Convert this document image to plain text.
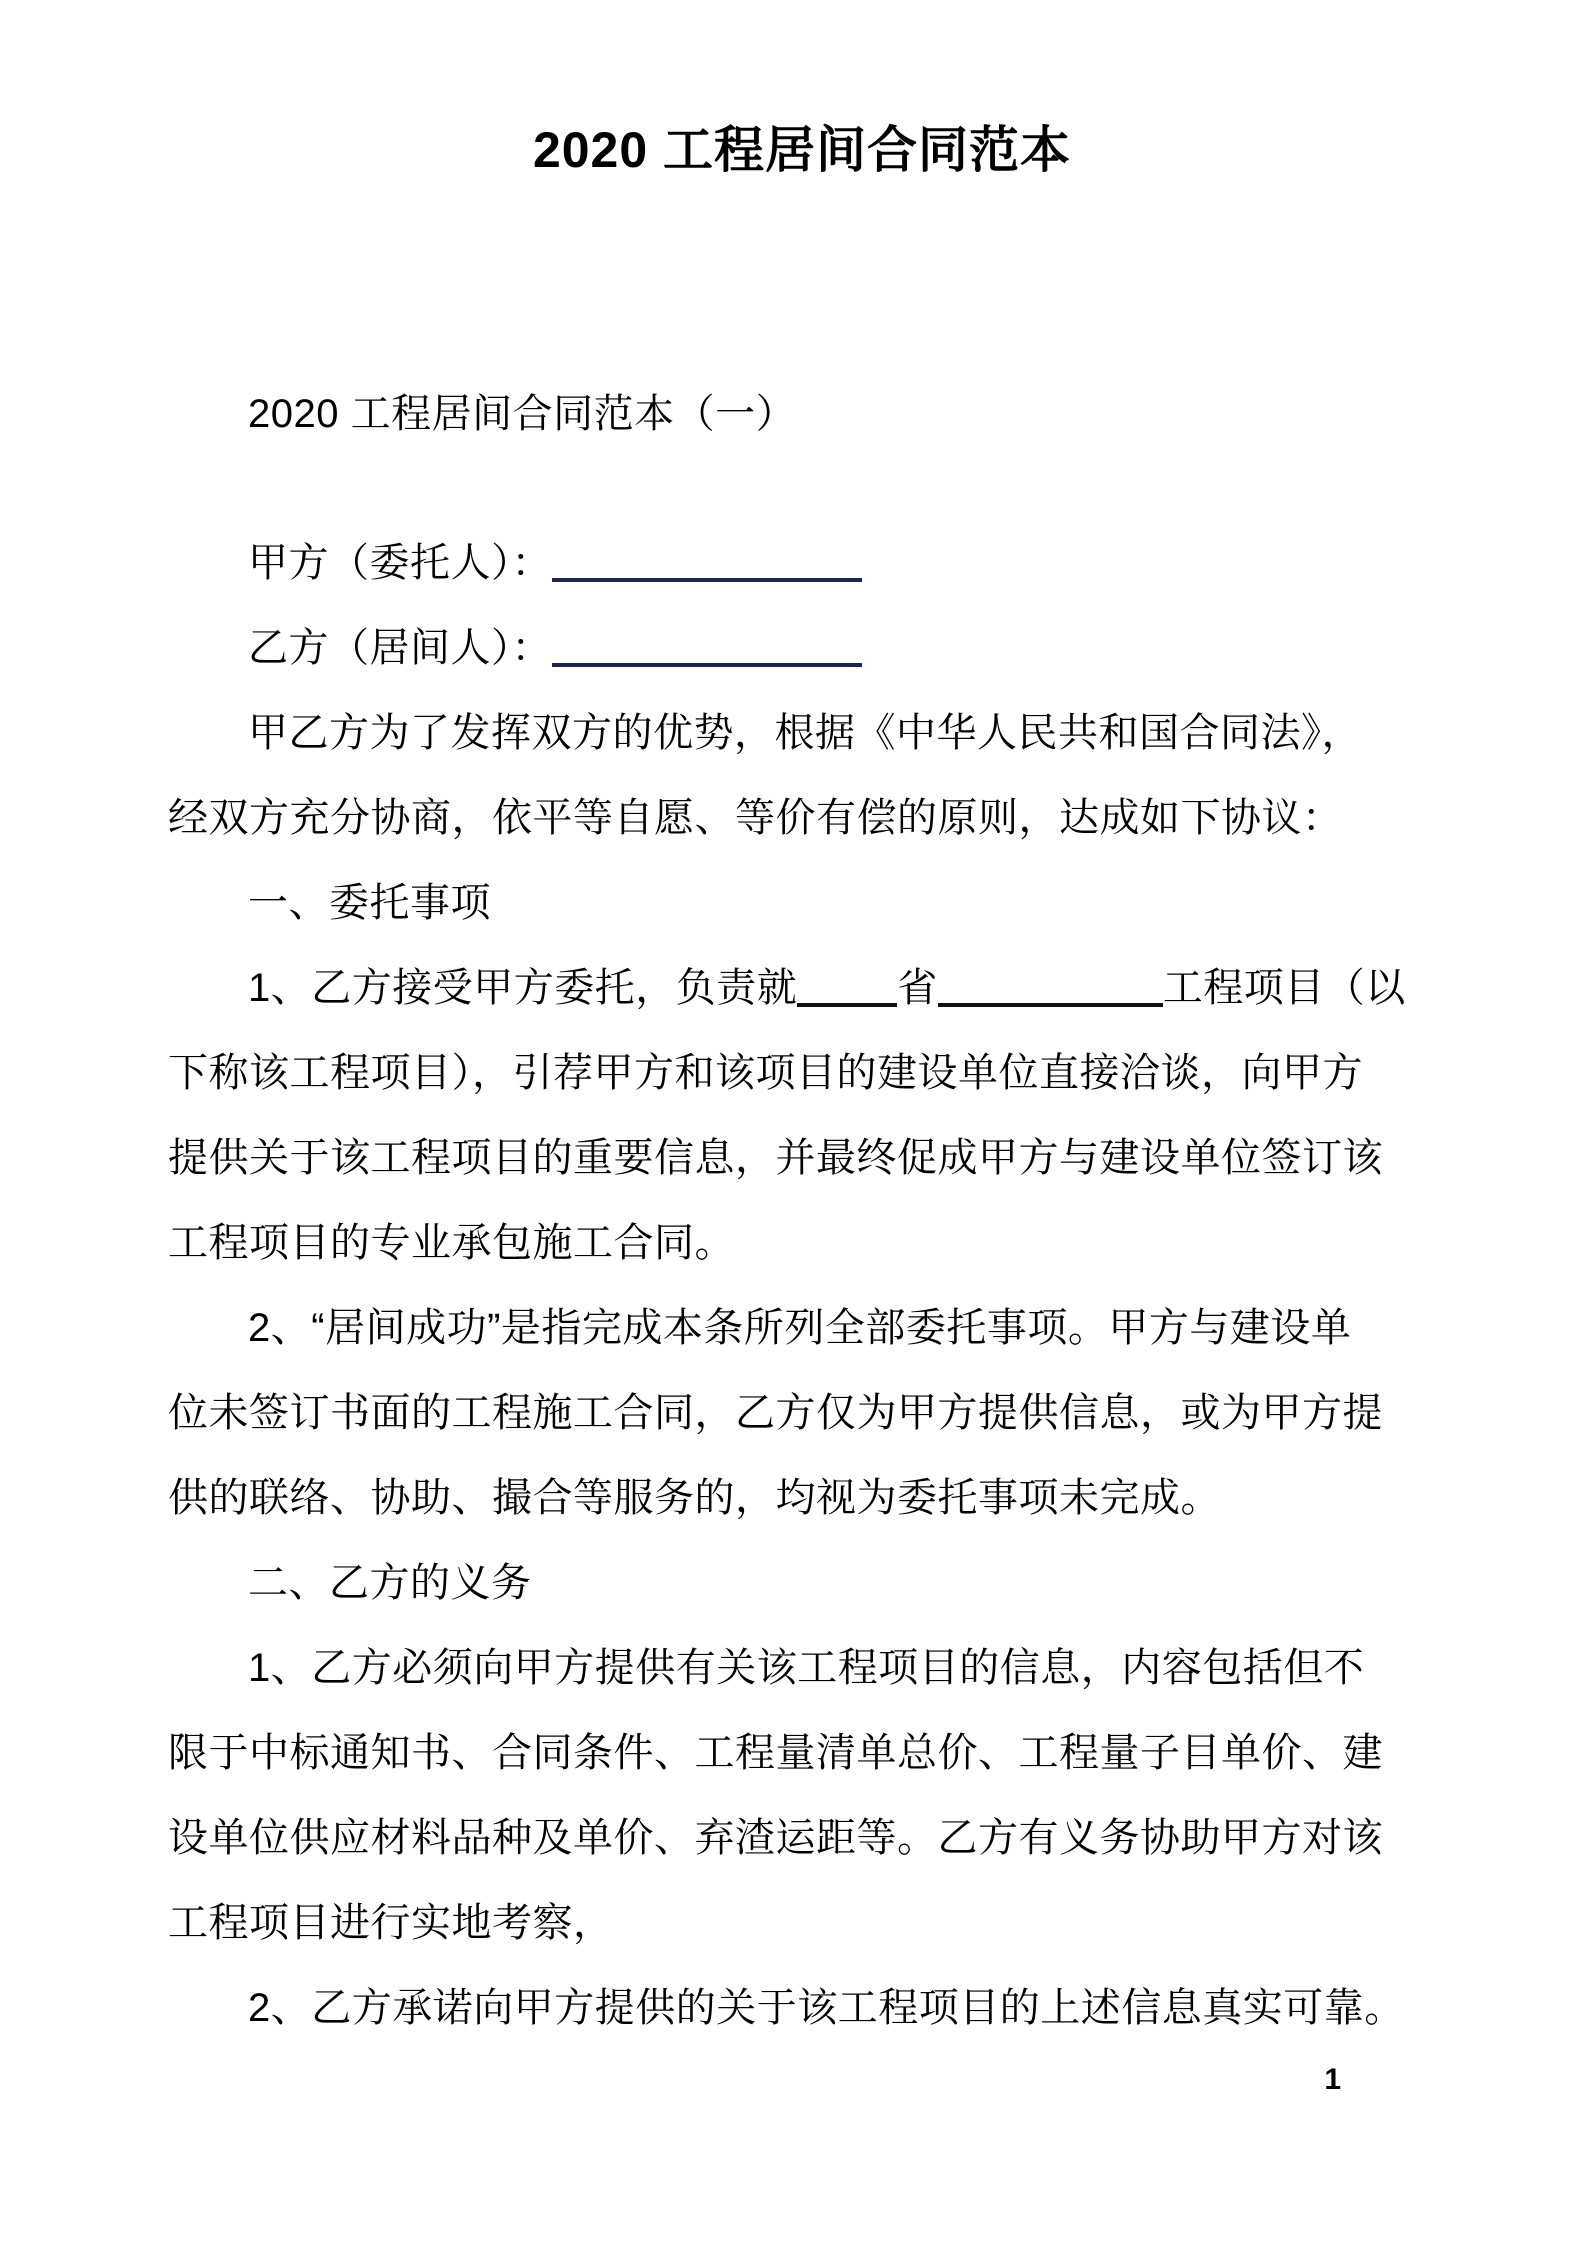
2020 工程居间合同范本
2020 工程居间合同范本（一）
甲方（委托人）：
乙方（居间人）：
甲乙方为了发挥双方的优势，根据《中华人民共和国合同法》，
经双方充分协商，依平等自愿、等价有偿的原则，达成如下协议：
一、委托事项
1、乙方接受甲方委托，负责就	省	工程项目（以
下称该工程项目），引荐甲方和该项目的建设单位直接洽谈，向甲方
提供关于该工程项目的重要信息，并最终促成甲方与建设单位签订该
工程项目的专业承包施工合同。
2、“居间成功”是指完成本条所列全部委托事项。甲方与建设单
位未签订书面的工程施工合同，乙方仅为甲方提供信息，或为甲方提
供的联络、协助、撮合等服务的，均视为委托事项未完成。
二、乙方的义务
1、乙方必须向甲方提供有关该工程项目的信息，内容包括但不
限于中标通知书、合同条件、工程量清单总价、工程量子目单价、建
设单位供应材料品种及单价、弃渣运距等。乙方有义务协助甲方对该
工程项目进行实地考察，
2、乙方承诺向甲方提供的关于该工程项目的上述信息真实可靠。
1
